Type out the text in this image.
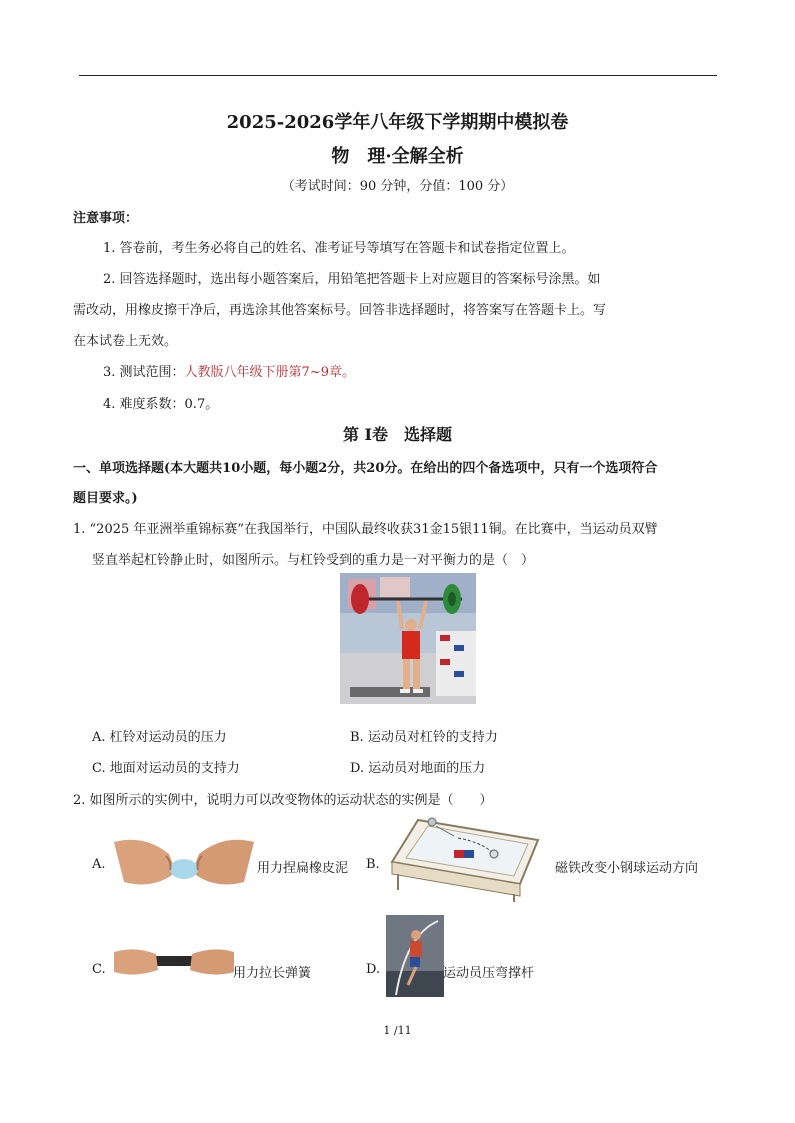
2025-2026学年八年级下学期期中模拟卷
物　理·全解全析
（考试时间：90 分钟，分值：100 分）
注意事项：
1. 答卷前，考生务必将自己的姓名、准考证号等填写在答题卡和试卷指定位置上。
2. 回答选择题时，选出每小题答案后，用铅笔把答题卡上对应题目的答案标号涂黑。如
需改动，用橡皮擦干净后，再选涂其他答案标号。回答非选择题时，将答案写在答题卡上。写
在本试卷上无效。
3. 测试范围：人教版八年级下册第7~9章。
4. 难度系数：0.7。
第 Ⅰ卷　选择题
一、单项选择题(本大题共10小题，每小题2分，共20分。在给出的四个备选项中，只有一个选项符合
题目要求。)
1. “2025 年亚洲举重锦标赛”在我国举行，中国队最终收获31金15银11铜。在比赛中，当运动员双臂
竖直举起杠铃静止时，如图所示。与杠铃受到的重力是一对平衡力的是（　）
A. 杠铃对运动员的压力	B. 运动员对杠铃的支持力
C. 地面对运动员的支持力	D. 运动员对地面的压力
2. 如图所示的实例中，说明力可以改变物体的运动状态的实例是（　　）
A.	用力捏扁橡皮泥 B.	磁铁改变小钢球运动方向
C.	用力拉长弹簧	D.	运动员压弯撑杆
1 /11
